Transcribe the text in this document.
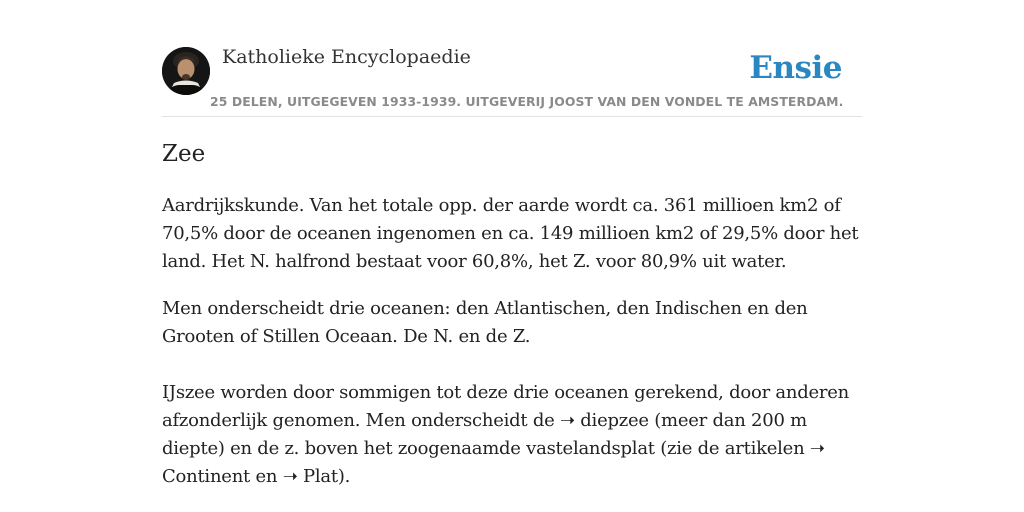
Katholieke Encyclopaedie	Ensie
25 DELEN, UITGEGEVEN 1933-1939. UITGEVERIJ JOOST VAN DEN VONDEL TE AMSTERDAM.
Zee

Aardrijkskunde. Van het totale opp. der aarde wordt ca. 361 millioen km2 of 70,5% door de oceanen ingenomen en ca. 149 millioen km2 of 29,5% door het land. Het N. halfrond bestaat voor 60,8%, het Z. voor 80,9% uit water.

Men onderscheidt drie oceanen: den Atlantischen, den Indischen en den Grooten of Stillen Oceaan. De N. en de Z.

IJszee worden door sommigen tot deze drie oceanen gerekend, door anderen afzonderlijk genomen. Men onderscheidt de ➝ diepzee (meer dan 200 m diepte) en de z. boven het zoogenaamde vastelandsplat (zie de artikelen ➝ Continent en ➝ Plat).
